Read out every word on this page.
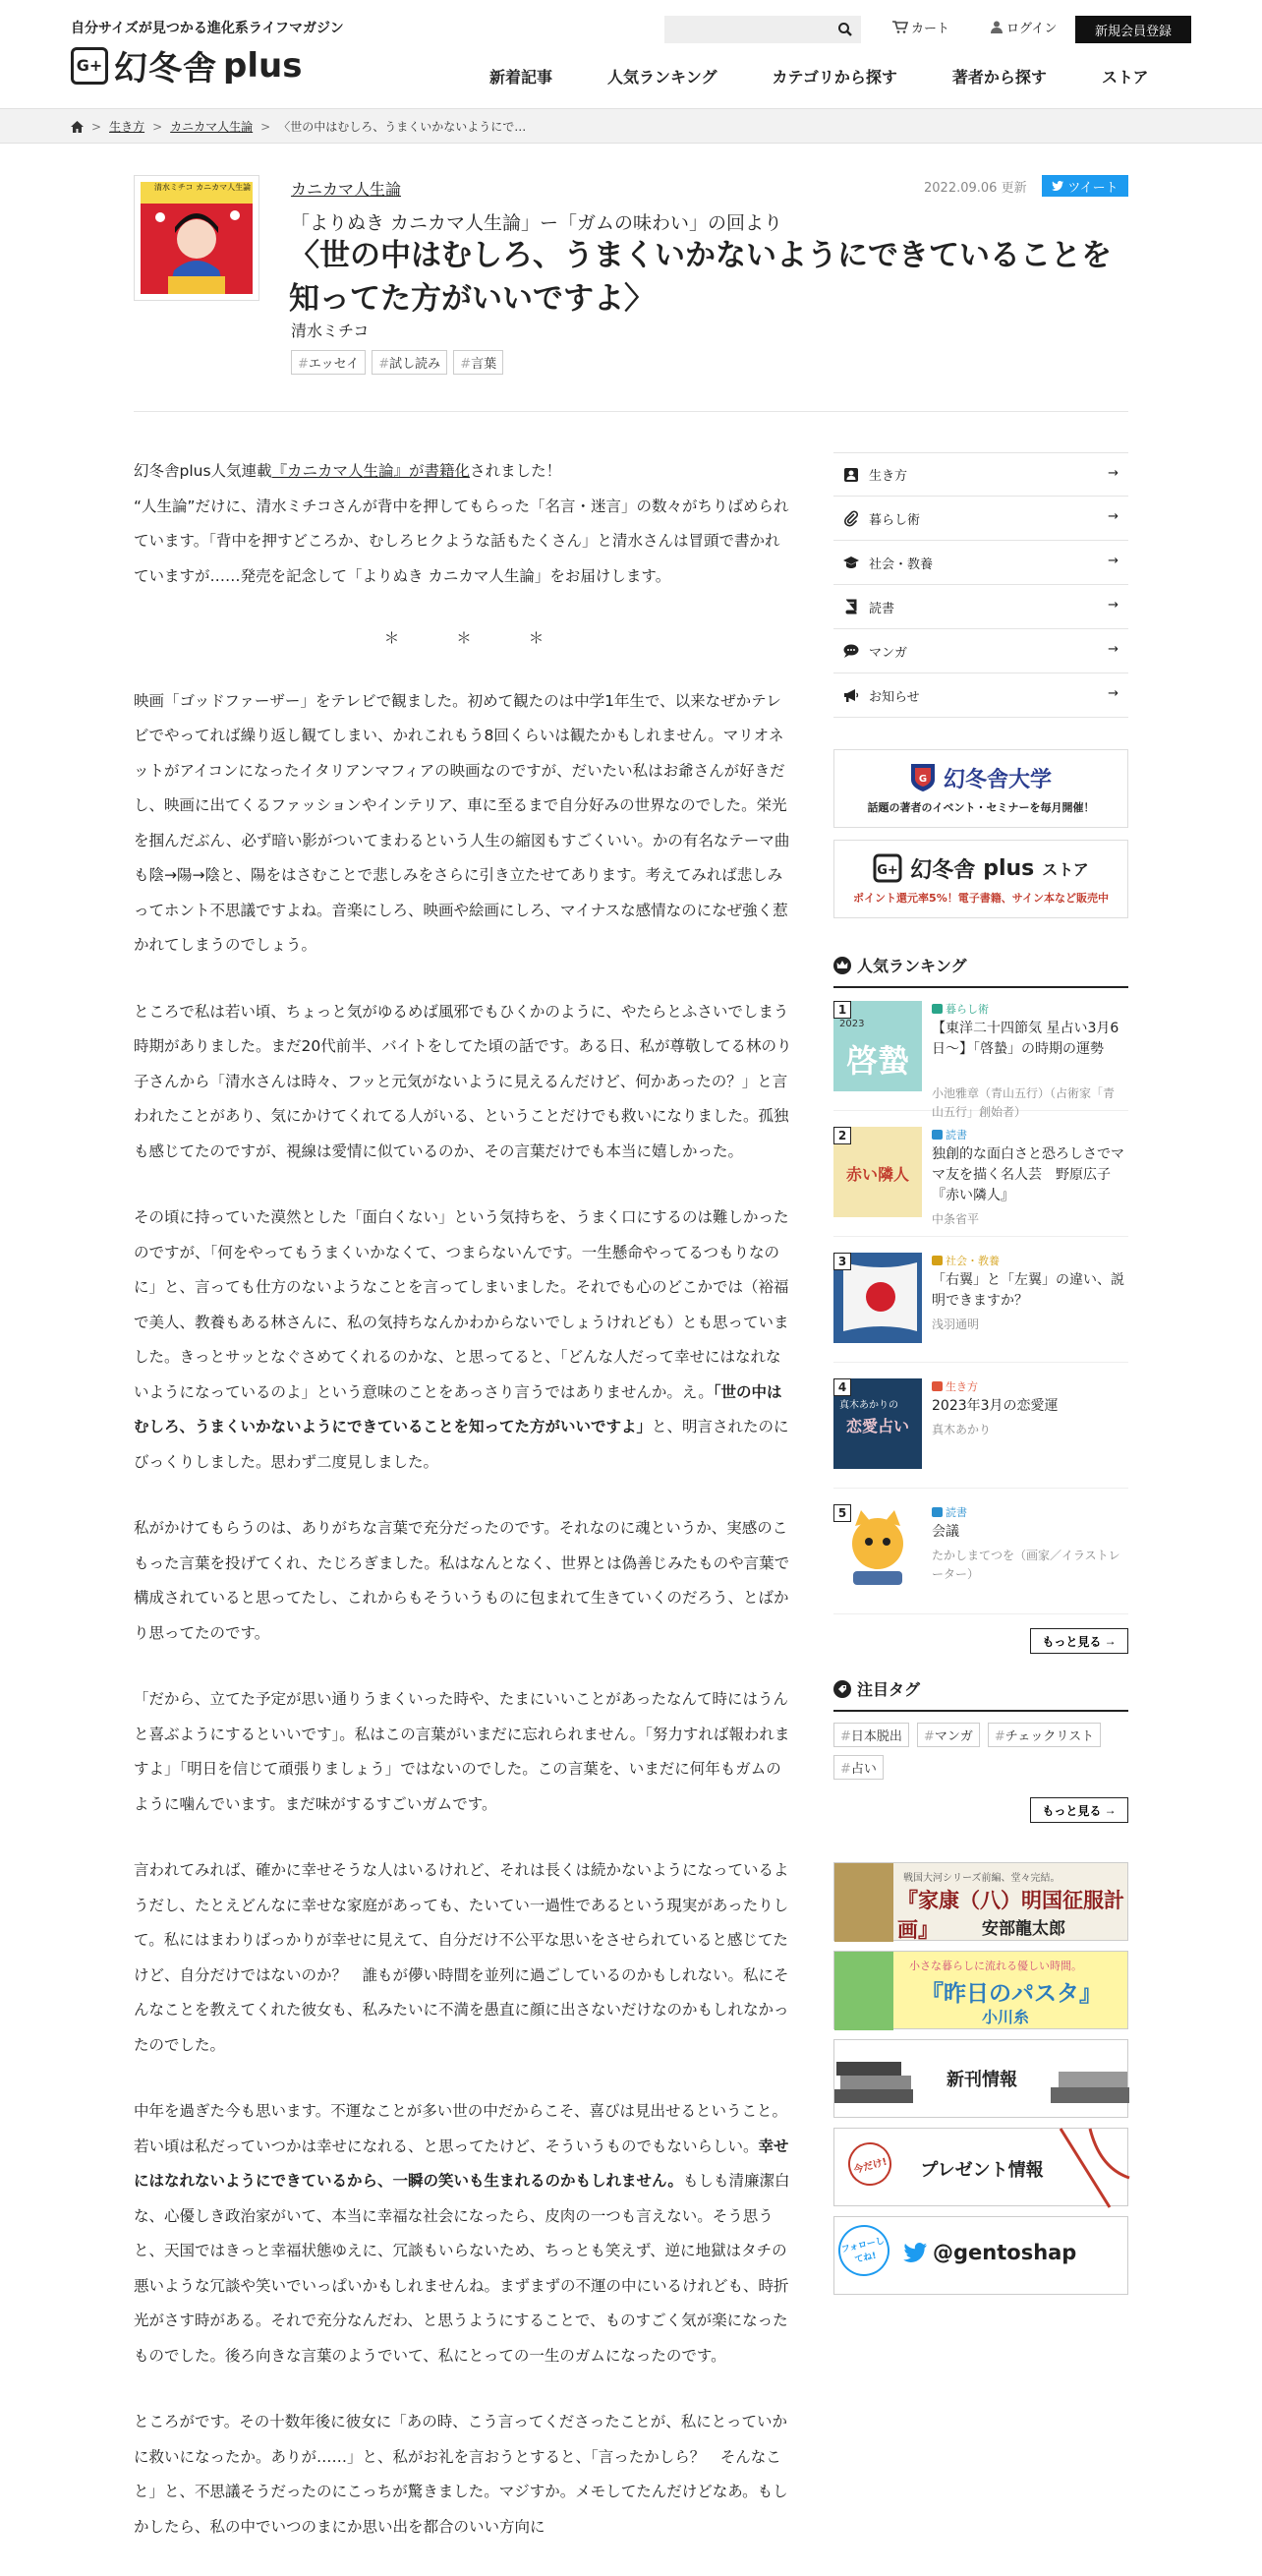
自分サイズが見つかる進化系ライフマガジン
G+ 幻冬舎 plus
カート	ログイン	新規会員登録
新着記事	人気ランキング	カテゴリから探す	著者から探す	ストア
> 生き方 > カニカマ人生論 > 〈世の中はむしろ、うまくいかないようにで…
清水ミチコ カニカマ人生論	カニカマ人生論	2022.09.06 更新	ツイート
「よりぬき カニカマ人生論」ー「ガムの味わい」の回より
〈世の中はむしろ、うまくいかないようにできていることを知ってた方がいいですよ〉
清水ミチコ
#エッセイ	#試し読み	#言葉

幻冬舎plus人気連載『カニカマ人生論』が書籍化されました！
“人生論”だけに、清水ミチコさんが背中を押してもらった「名言・迷言」の数々がちりばめられています。「背中を押すどころか、むしろヒクような話もたくさん」と清水さんは冒頭で書かれていますが……発売を記念して「よりぬき カニカマ人生論」をお届けします。

＊＊＊

映画「ゴッドファーザー」をテレビで観ました。初めて観たのは中学1年生で、以来なぜかテレビでやってれば繰り返し観てしまい、かれこれもう8回くらいは観たかもしれません。マリオネットがアイコンになったイタリアンマフィアの映画なのですが、だいたい私はお爺さんが好きだし、映画に出てくるファッションやインテリア、車に至るまで自分好みの世界なのでした。栄光を掴んだぶん、必ず暗い影がついてまわるという人生の縮図もすごくいい。かの有名なテーマ曲も陰→陽→陰と、陽をはさむことで悲しみをさらに引き立たせてあります。考えてみれば悲しみってホント不思議ですよね。音楽にしろ、映画や絵画にしろ、マイナスな感情なのになぜ強く惹かれてしまうのでしょう。

ところで私は若い頃、ちょっと気がゆるめば風邪でもひくかのように、やたらとふさいでしまう時期がありました。まだ20代前半、バイトをしてた頃の話です。ある日、私が尊敬してる林のり子さんから「清水さんは時々、フッと元気がないように見えるんだけど、何かあったの？」と言われたことがあり、気にかけてくれてる人がいる、ということだけでも救いになりました。孤独も感じてたのですが、視線は愛情に似ているのか、その言葉だけでも本当に嬉しかった。

その頃に持っていた漠然とした「面白くない」という気持ちを、うまく口にするのは難しかったのですが、「何をやってもうまくいかなくて、つまらないんです。一生懸命やってるつもりなのに」と、言っても仕方のないようなことを言ってしまいました。それでも心のどこかでは（裕福で美人、教養もある林さんに、私の気持ちなんかわからないでしょうけれども）とも思っていました。きっとサッとなぐさめてくれるのかな、と思ってると、「どんな人だって幸せにはなれないようになっているのよ」という意味のことをあっさり言うではありませんか。え。「世の中はむしろ、うまくいかないようにできていることを知ってた方がいいですよ」と、明言されたのにびっくりしました。思わず二度見しました。

私がかけてもらうのは、ありがちな言葉で充分だったのです。それなのに魂というか、実感のこもった言葉を投げてくれ、たじろぎました。私はなんとなく、世界とは偽善じみたものや言葉で構成されていると思ってたし、これからもそういうものに包まれて生きていくのだろう、とばかり思ってたのです。

「だから、立てた予定が思い通りうまくいった時や、たまにいいことがあったなんて時にはうんと喜ぶようにするといいです」。私はこの言葉がいまだに忘れられません。「努力すれば報われますよ」「明日を信じて頑張りましょう」ではないのでした。この言葉を、いまだに何年もガムのように噛んでいます。まだ味がするすごいガムです。

言われてみれば、確かに幸せそうな人はいるけれど、それは長くは続かないようになっているようだし、たとえどんなに幸せな家庭があっても、たいてい一過性であるという現実があったりして。私にはまわりばっかりが幸せに見えて、自分だけ不公平な思いをさせられていると感じてたけど、自分だけではないのか？　誰もが儚い時間を並列に過ごしているのかもしれない。私にそんなことを教えてくれた彼女も、私みたいに不満を愚直に顔に出さないだけなのかもしれなかったのでした。

中年を過ぎた今も思います。不運なことが多い世の中だからこそ、喜びは見出せるということ。若い頃は私だっていつかは幸せになれる、と思ってたけど、そういうものでもないらしい。幸せにはなれないようにできているから、一瞬の笑いも生まれるのかもしれません。もしも清廉潔白な、心優しき政治家がいて、本当に幸福な社会になったら、皮肉の一つも言えない。そう思うと、天国ではきっと幸福状態ゆえに、冗談もいらないため、ちっとも笑えず、逆に地獄はタチの悪いような冗談や笑いでいっぱいかもしれませんね。まずまずの不運の中にいるけれども、時折光がさす時がある。それで充分なんだわ、と思うようにすることで、ものすごく気が楽になったものでした。後ろ向きな言葉のようでいて、私にとっての一生のガムになったのです。

ところがです。その十数年後に彼女に「あの時、こう言ってくださったことが、私にとっていかに救いになったか。ありが……」と、私がお礼を言おうとすると、「言ったかしら？　そんなこと」と、不思議そうだったのにこっちが驚きました。マジすか。メモしてたんだけどなあ。もしかしたら、私の中でいつのまにか思い出を都合のいい方向に

生き方	→
暮らし術	→
社会・教養	→
読書	→
マンガ	→
お知らせ	→
G 幻冬舎大学
話題の著者のイベント・セミナーを毎月開催！
G+ 幻冬舎 plus ストア
ポイント還元率5%！電子書籍、サイン本など販売中
人気ランキング
2023
啓蟄
1	暮らし術
【東洋二十四節気 星占い3月6日～】「啓蟄」の時期の運勢
小池雅章（青山五行）（占術家「青山五行」創始者）
赤い隣人
2	読書
独創的な面白さと恐ろしさでママ友を描く名人芸　野原広子『赤い隣人』
中条省平
3	社会・教養
「右翼」と「左翼」の違い、説明できますか？
浅羽通明
真木あかりの
恋愛占い
4	生き方
2023年3月の恋愛運
真木あかり
5	読書
会議
たかしまてつを（画家／イラストレーター）
もっと見る →
注目タグ
#日本脱出	#マンガ	#チェックリスト
#占い
もっと見る →
戦国大河シリーズ前編、堂々完結。
『家康（八）明国征服計画』	安部龍太郎
小さな暮らしに流れる優しい時間。
『昨日のパスタ』
小川糸
新刊情報
今だけ!	プレゼント情報
フォローしてね!	@gentoshap
